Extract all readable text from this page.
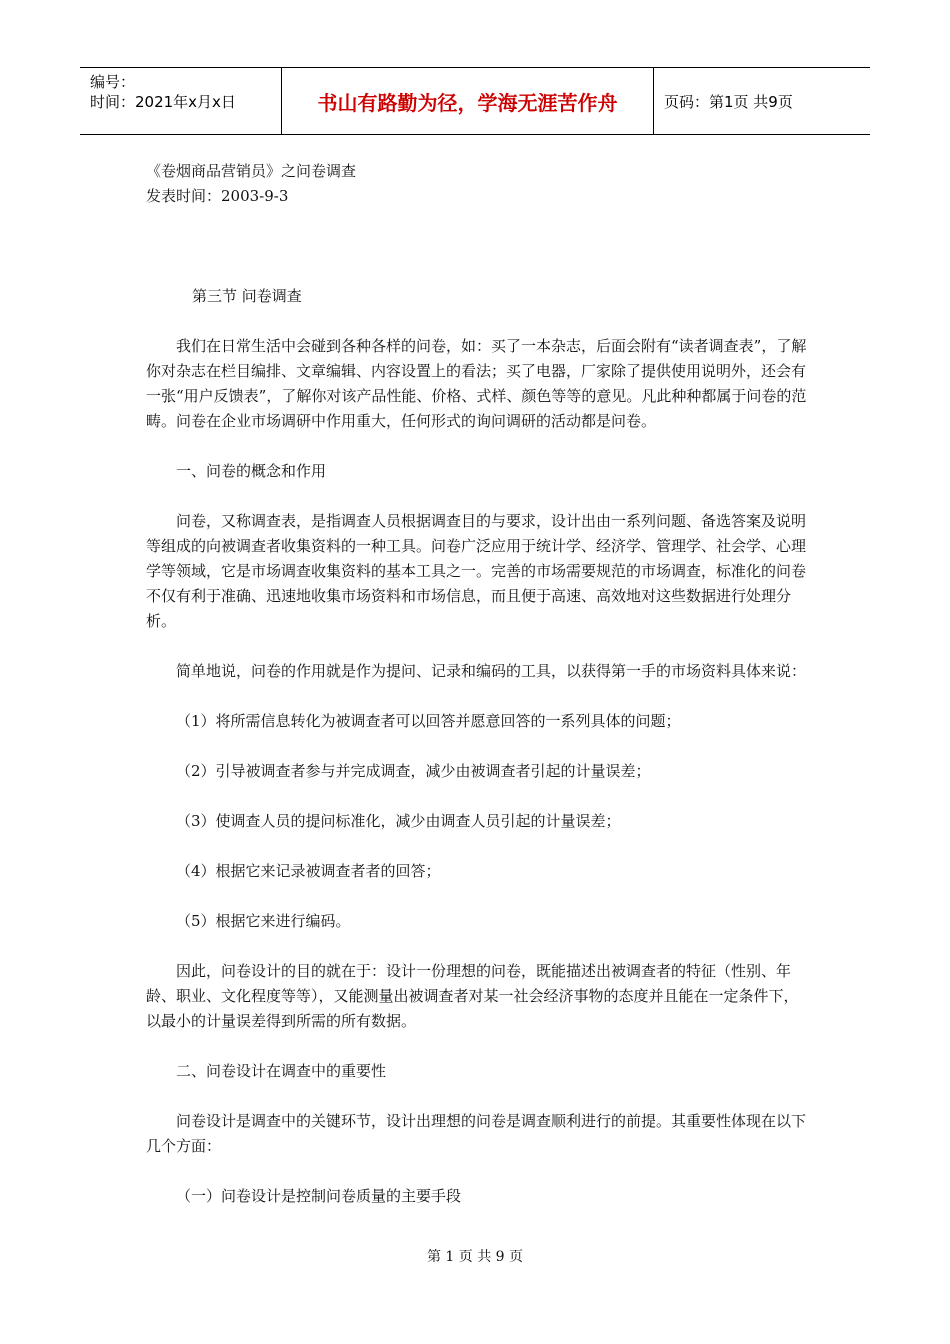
编号：
时间：2021年x月x日	书山有路勤为径，学海无涯苦作舟	页码：第1页 共9页

《卷烟商品营销员》之问卷调查

发表时间：2003-9-3

第三节 问卷调查

我们在日常生活中会碰到各种各样的问卷，如：买了一本杂志，后面会附有“读者调查表”，了解你对杂志在栏目编排、文章编辑、内容设置上的看法；买了电器，厂家除了提供使用说明外，还会有一张“用户反馈表”，了解你对该产品性能、价格、式样、颜色等等的意见。凡此种种都属于问卷的范畴。问卷在企业市场调研中作用重大，任何形式的询问调研的活动都是问卷。

一、问卷的概念和作用

问卷，又称调查表，是指调查人员根据调查目的与要求，设计出由一系列问题、备选答案及说明等组成的向被调查者收集资料的一种工具。问卷广泛应用于统计学、经济学、管理学、社会学、心理学等领域，它是市场调查收集资料的基本工具之一。完善的市场需要规范的市场调查，标准化的问卷不仅有利于准确、迅速地收集市场资料和市场信息，而且便于高速、高效地对这些数据进行处理分析。

简单地说，问卷的作用就是作为提问、记录和编码的工具，以获得第一手的市场资料具体来说：

（1）将所需信息转化为被调查者可以回答并愿意回答的一系列具体的问题；

（2）引导被调查者参与并完成调查，减少由被调查者引起的计量误差；

（3）使调查人员的提问标准化，减少由调查人员引起的计量误差；

（4）根据它来记录被调查者者的回答；

（5）根据它来进行编码。

因此，问卷设计的目的就在于：设计一份理想的问卷，既能描述出被调查者的特征（性别、年龄、职业、文化程度等等），又能测量出被调查者对某一社会经济事物的态度并且能在一定条件下，以最小的计量误差得到所需的所有数据。

二、问卷设计在调查中的重要性

问卷设计是调查中的关键环节，设计出理想的问卷是调查顺利进行的前提。其重要性体现在以下几个方面：

（一）问卷设计是控制问卷质量的主要手段

第 1 页 共 9 页
